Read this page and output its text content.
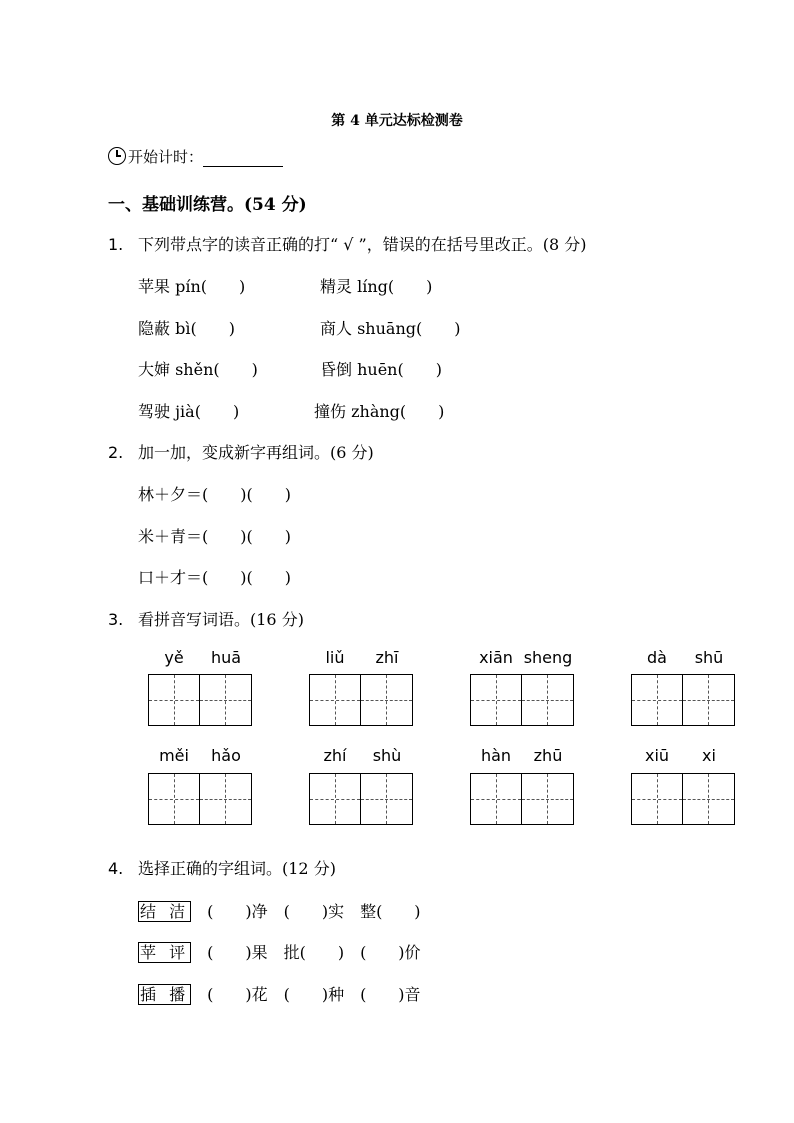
第 4 单元达标检测卷
开始计时：
一、基础训练营。(54 分)
1. 下列带点字的读音正确的打“ √ ”，错误的在括号里改正。(8 分)
苹果 pín(　　)	精灵 líng(　　)
隐蔽 bì(　　)	商人 shuāng(　　)
大婶 shěn(　　)	昏倒 huēn(　　)
驾驶 jià(　　)	撞伤 zhàng(　　)
2. 加一加，变成新字再组词。(6 分)
林＋夕＝(　　)(　　)
米＋青＝(　　)(　　)
口＋才＝(　　)(　　)
3. 看拼音写词语。(16 分)
yě huā	liǔ zhī	xiān sheng	dà shū
měi hǎo	zhí shù	hàn zhū	xiū xi
4. 选择正确的字组词。(12 分)
结 洁 (　　)净　(　　)实　整(　　)
苹 评 (　　)果　批(　　)　(　　)价
插 播 (　　)花　(　　)种　(　　)音
